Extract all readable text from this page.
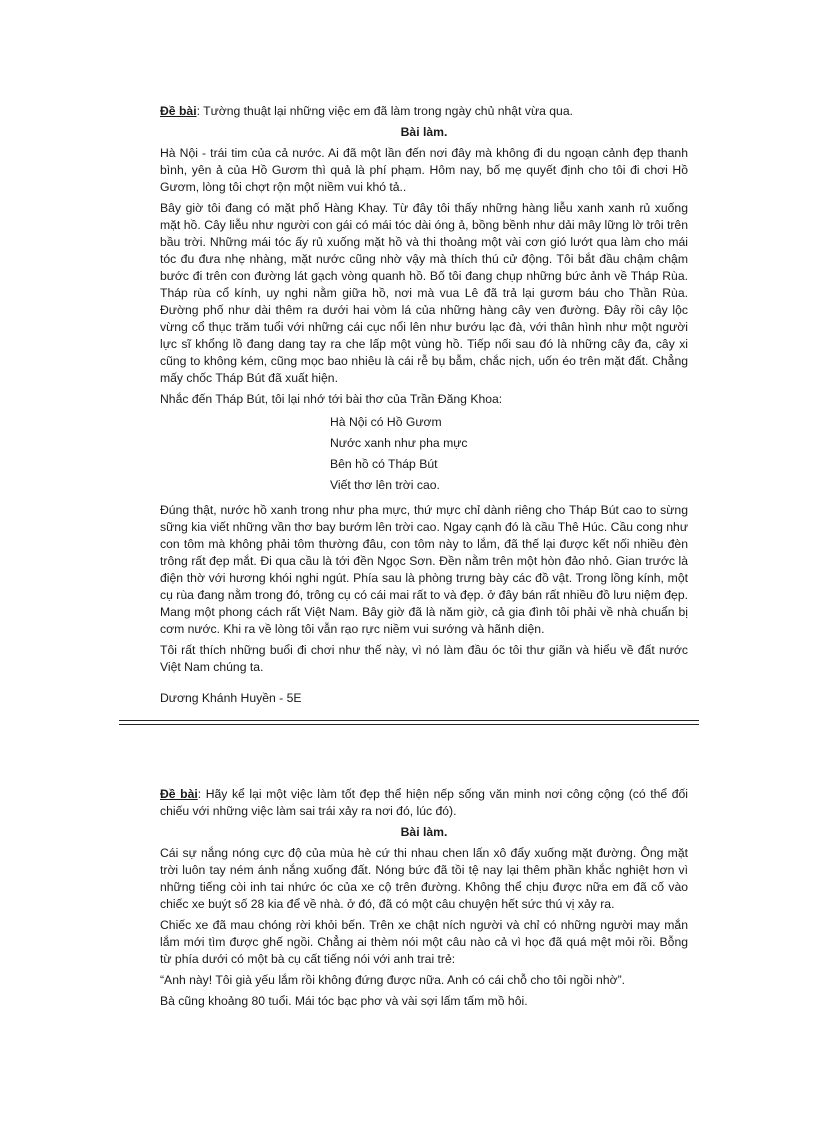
Đề bài: Tường thuật lại những việc em đã làm trong ngày chủ nhật vừa qua.

Bài làm.

Hà Nội - trái tim của cả nước. Ai đã một lần đến nơi đây mà không đi du ngoạn cảnh đẹp thanh bình, yên ả của Hồ Gươm thì quả là phí phạm. Hôm nay, bố mẹ quyết định cho tôi đi chơi Hồ Gươm, lòng tôi chợt rộn một niềm vui khó tả..

Bây giờ tôi đang có mặt phố Hàng Khay. Từ đây tôi thấy những hàng liễu xanh xanh rủ xuống mặt hồ. Cây liễu như người con gái có mái tóc dài óng ả, bồng bềnh như dải mây lững lờ trôi trên bầu trời. Những mái tóc ấy rủ xuống mặt hồ và thi thoảng một vài cơn gió lướt qua làm cho mái tóc đu đưa nhẹ nhàng, mặt nước cũng nhờ vậy mà thích thú cử động. Tôi bắt đầu chậm chậm bước đi trên con đường lát gạch vòng quanh hồ. Bố tôi đang chụp những bức ảnh về Tháp Rùa. Tháp rùa cổ kính, uy nghi nằm giữa hồ, nơi mà vua Lê đã trả lại gươm báu cho Thần Rùa. Đường phố như dài thêm ra dưới hai vòm lá của những hàng cây ven đường. Đây rồi cây lộc vừng cổ thục trăm tuổi với những cái cục nổi lên như bướu lạc đà, với thân hình như một người lực sĩ khổng lồ đang dang tay ra che lấp một vùng hồ. Tiếp nối sau đó là những cây đa, cây xi cũng to không kém, cũng mọc bao nhiêu là cái rễ bụ bẫm, chắc nịch, uốn éo trên mặt đất. Chẳng mấy chốc Tháp Bút đã xuất hiện.

Nhắc đến Tháp Bút, tôi lại nhớ tới bài thơ của Trần Đăng Khoa:

Hà Nội có Hồ Gươm
Nước xanh như pha mực
Bên hồ có Tháp Bút
Viết thơ lên trời cao.

Đúng thật, nước hồ xanh trong như pha mực, thứ mực chỉ dành riêng cho Tháp Bút cao to sừng sững kia viết những vần thơ bay bướm lên trời cao. Ngay cạnh đó là cầu Thê Húc. Cầu cong như con tôm mà không phải tôm thường đâu, con tôm này to lắm, đã thế lại được kết nối nhiều đèn trông rất đẹp mắt. Đi qua cầu là tới đền Ngọc Sơn. Đền nằm trên một hòn đảo nhỏ. Gian trước là điện thờ với hương khói nghi ngút. Phía sau là phòng trưng bày các đồ vật. Trong lồng kính, một cụ rùa đang nằm trong đó, trông cụ có cái mai rất to và đẹp. ở đây bán rất nhiều đồ lưu niệm đẹp. Mang một phong cách rất Việt Nam. Bây giờ đã là năm giờ, cả gia đình tôi phải về nhà chuẩn bị cơm nước. Khi ra về lòng tôi vẫn rạo rực niềm vui sướng và hãnh diện.

Tôi rất thích những buổi đi chơi như thế này, vì nó làm đầu óc tôi thư giãn và hiểu về đất nước Việt Nam chúng ta.

Dương Khánh Huyền - 5E

Đề bài: Hãy kể lại một việc làm tốt đẹp thể hiện nếp sống văn minh nơi công cộng (có thể đối chiếu với những việc làm sai trái xảy ra nơi đó, lúc đó).

Bài làm.

Cái sự nắng nóng cực độ của mùa hè cứ thi nhau chen lấn xô đẩy xuống mặt đường. Ông mặt trời luôn tay ném ánh nắng xuống đất. Nóng bức đã tồi tệ nay lại thêm phần khắc nghiệt hơn vì những tiếng còi inh tai nhức óc của xe cộ trên đường. Không thể chịu được nữa em đã cố vào chiếc xe buýt số 28 kia để về nhà. ở đó, đã có một câu chuyện hết sức thú vị xảy ra.

Chiếc xe đã mau chóng rời khỏi bến. Trên xe chật ních người và chỉ có những người may mắn lắm mới tìm được ghế ngồi. Chẳng ai thèm nói một câu nào cả vì học đã quá mệt mỏi rồi. Bỗng từ phía dưới có một bà cụ cất tiếng nói với anh trai trẻ:

“Anh này! Tôi già yếu lắm rồi không đứng được nữa. Anh có cái chỗ cho tôi ngồi nhờ”.

Bà cũng khoảng 80 tuổi. Mái tóc bạc phơ và vài sợi lấm tấm mồ hôi.
